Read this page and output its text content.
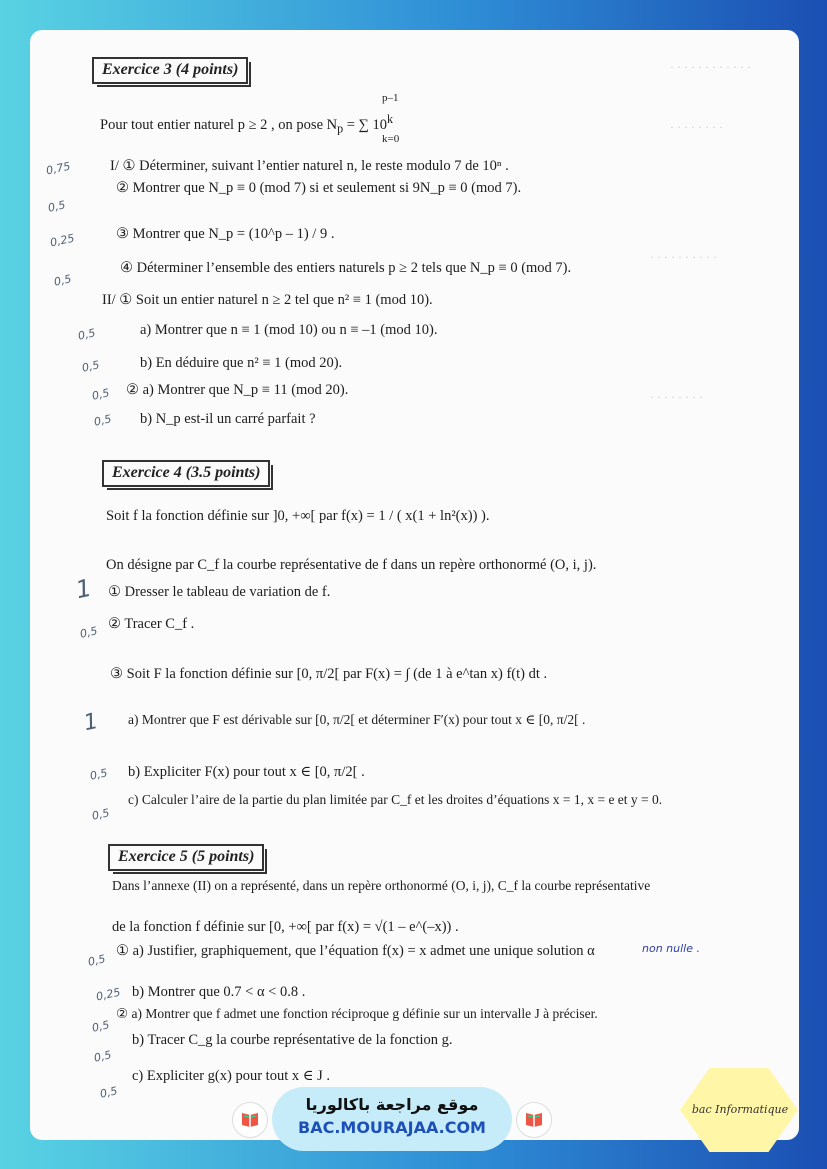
Exercice 3 (4 points)
Pour tout entier naturel p ≥ 2 , on pose $N_p$ = ∑ 10$^k$
p–1
k=0
I/ ① Déterminer, suivant l’entier naturel n, le reste modulo 7 de 10ⁿ .
② Montrer que N_p ≡ 0 (mod 7) si et seulement si 9N_p ≡ 0 (mod 7).
③ Montrer que N_p = (10^p – 1) / 9 .
④ Déterminer l’ensemble des entiers naturels p ≥ 2 tels que N_p ≡ 0 (mod 7).
II/ ① Soit un entier naturel n ≥ 2 tel que n² ≡ 1 (mod 10).
a) Montrer que n ≡ 1 (mod 10) ou n ≡ –1 (mod 10).
b) En déduire que n² ≡ 1 (mod 20).
② a) Montrer que N_p ≡ 11 (mod 20).
b) N_p est-il un carré parfait ?
Exercice 4 (3.5 points)
Soit f la fonction définie sur ]0, +∞[ par f(x) = 1 / ( x(1 + ln²(x)) ).
On désigne par C_f la courbe représentative de f dans un repère orthonormé (O, i, j).
① Dresser le tableau de variation de f.
② Tracer C_f .
③ Soit F la fonction définie sur [0, π/2[ par F(x) = ∫ (de 1 à e^tan x) f(t) dt .
a) Montrer que F est dérivable sur [0, π/2[ et déterminer F′(x) pour tout x ∈ [0, π/2[ .
b) Expliciter F(x) pour tout x ∈ [0, π/2[ .
c) Calculer l’aire de la partie du plan limitée par C_f et les droites d’équations x = 1, x = e et y = 0.
Exercice 5 (5 points)
Dans l’annexe (II) on a représenté, dans un repère orthonormé (O, i, j), C_f la courbe représentative
de la fonction f définie sur [0, +∞[ par f(x) = √(1 – e^(–x)) .
① a) Justifier, graphiquement, que l’équation f(x) = x admet une unique solution α	non nulle .
b) Montrer que 0.7 < α < 0.8 .
② a) Montrer que f admet une fonction réciproque g définie sur un intervalle J à préciser.
b) Tracer C_g la courbe représentative de la fonction g.
c) Expliciter g(x) pour tout x ∈ J .
0,75
0,5
0,25
0,5
0,5
0,5
0,5
0,5
1
0,5
1
0,5
0,5
0,5
0,25
0,5
0,5
0,5
· · · · · · · · · · · ·
· · · · · · · ·
· · · · · · · · · ·
· · · · · · · ·
موقع مراجعة باكالوريا
BAC.MOURAJAA.COM
bac Informatique
